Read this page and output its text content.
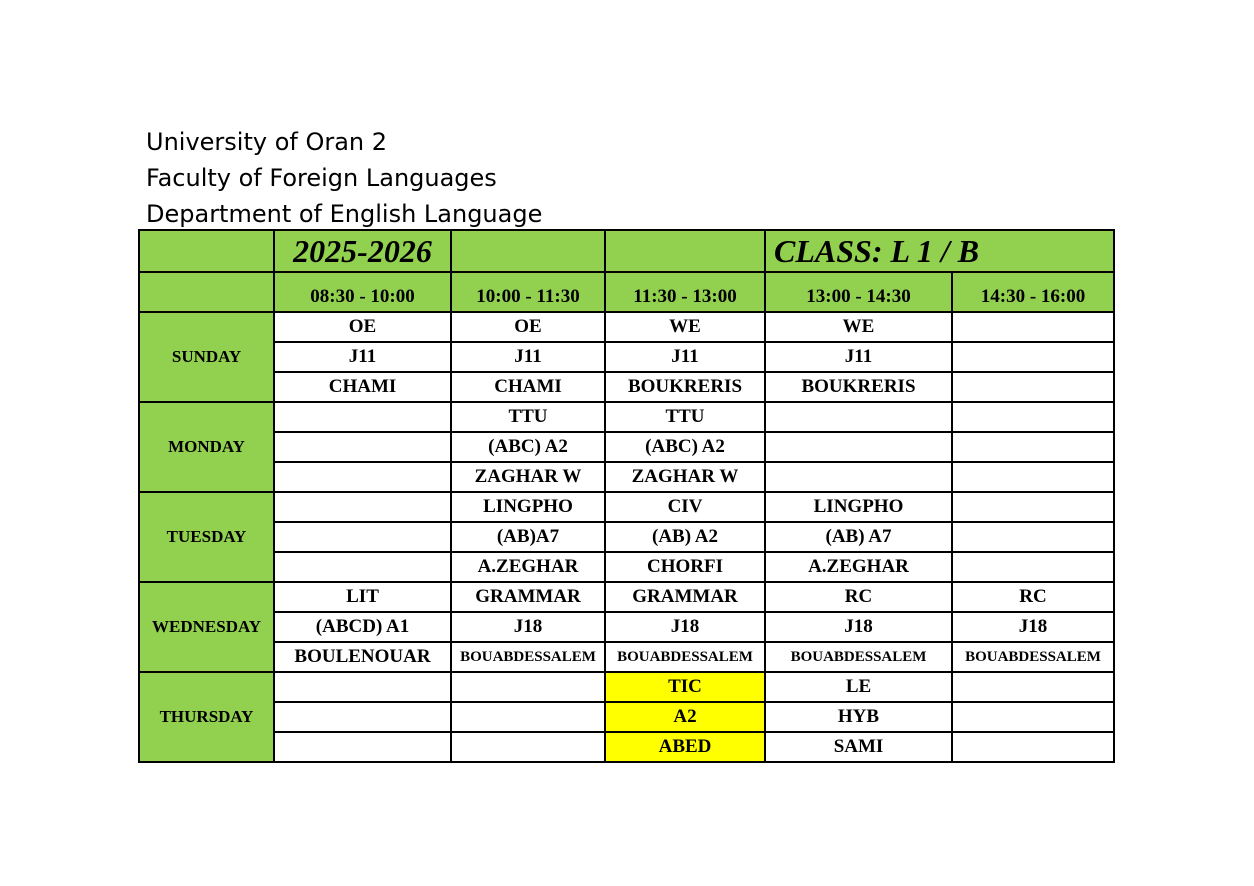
University of Oran 2
Faculty of Foreign Languages
Department of English Language
	2025-2026			CLASS: L 1 / B	
	08:30 - 10:00	10:00 - 11:30	11:30 - 13:00	13:00 - 14:30	14:30 - 16:00
SUNDAY	OE	OE	WE	WE	
	J11	J11	J11	J11	
	CHAMI	CHAMI	BOUKRERIS	BOUKRERIS	
MONDAY		TTU	TTU		
		(ABC) A2	(ABC) A2		
		ZAGHAR W	ZAGHAR W		
TUESDAY		LINGPHO	CIV	LINGPHO	
		(AB)A7	(AB) A2	(AB) A7	
		A.ZEGHAR	CHORFI	A.ZEGHAR	
WEDNESDAY	LIT	GRAMMAR	GRAMMAR	RC	RC
	(ABCD) A1	J18	J18	J18	J18
	BOULENOUAR	BOUABDESSALEM	BOUABDESSALEM	BOUABDESSALEM	BOUABDESSALEM
THURSDAY			TIC	LE	
			A2	HYB	
			ABED	SAMI	
